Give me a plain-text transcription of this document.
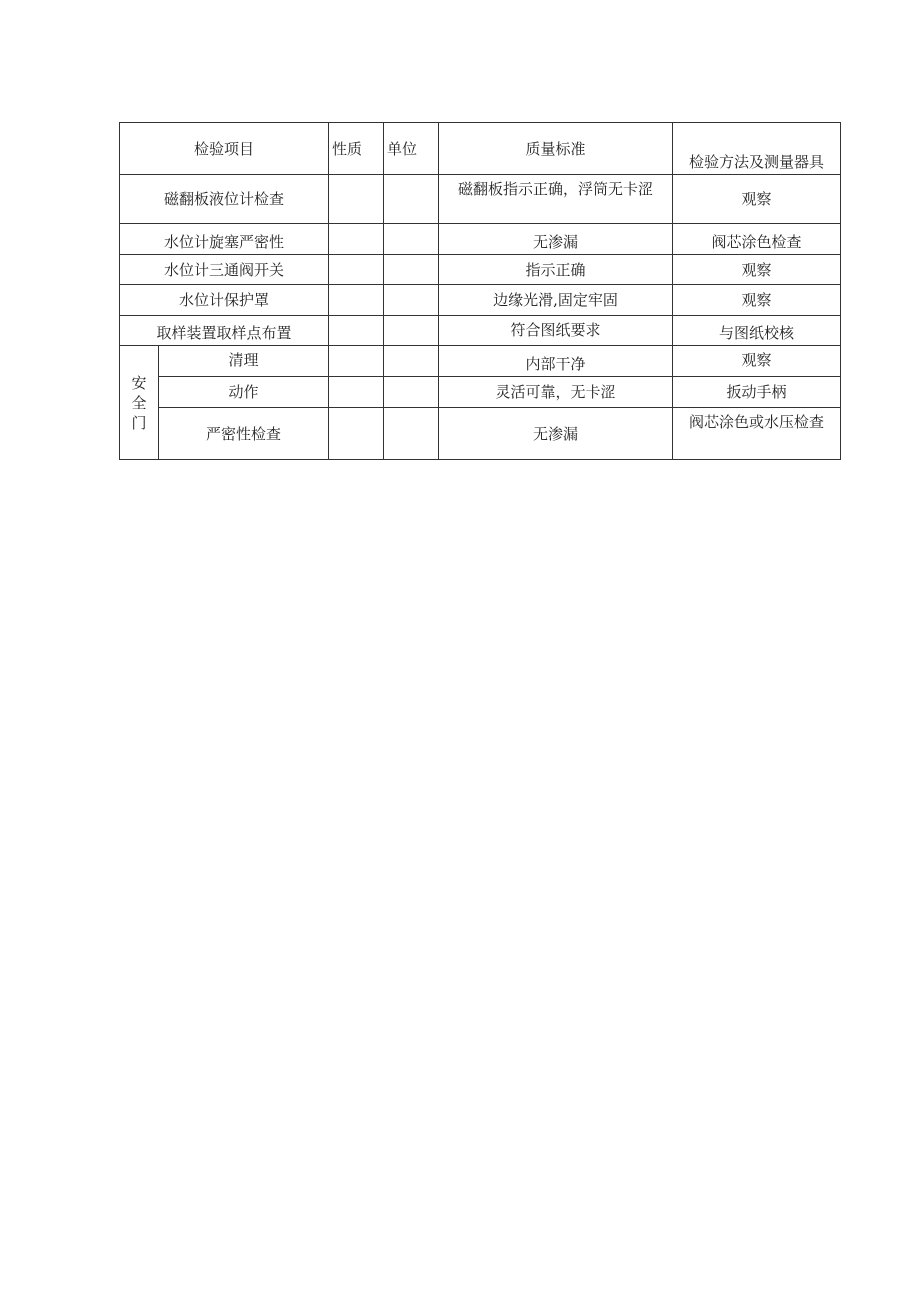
检验项目		性质	单位	质量标准	检验方法及测量器具
磁翻板液位计检查				磁翻板指示正确，浮筒无卡涩	观察
水位计旋塞严密性				无渗漏	阀芯涂色检查
水位计三通阀开关				指示正确	观察
水位计保护罩				边缘光滑,固定牢固	观察
取样装置取样点布置				符合图纸要求	与图纸校核

安
全
门	清理			内部干净	观察
	动作			灵活可靠，无卡涩	扳动手柄
	严密性检查			无渗漏	阀芯涂色或水压检查
